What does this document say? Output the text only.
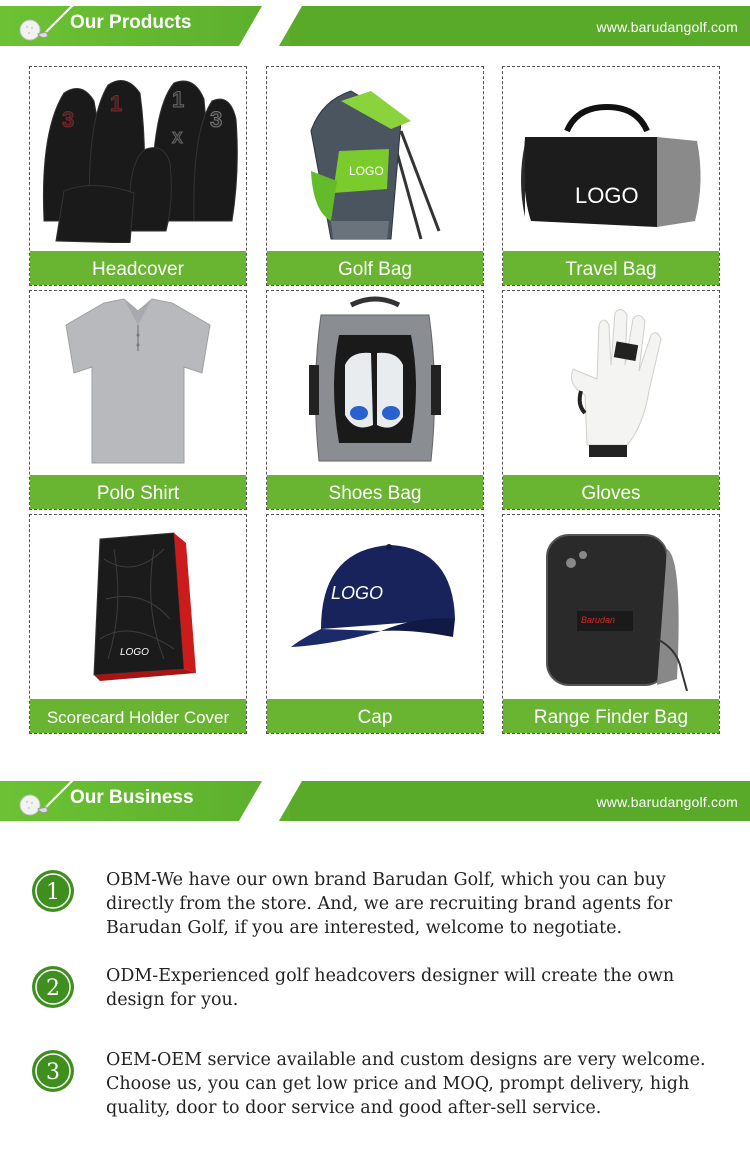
Our Products	www.barudangolf.com
3
1 1
3
X
Headcover
LOGO
Golf Bag
LOGO
Travel Bag
Polo Shirt	Shoes Bag	Gloves
LOGO
Scorecard Holder Cover
LOGO
Cap
Barudan
Range Finder Bag
Our Business	www.barudangolf.com
1	OBM-We have our own brand Barudan Golf, which you can buy directly from the store. And, we are recruiting brand agents for Barudan Golf, if you are interested, welcome to negotiate.
2	ODM-Experienced golf headcovers designer will create the own design for you.
3	OEM-OEM service available and custom designs are very welcome. Choose us, you can get low price and MOQ, prompt delivery, high quality, door to door service and good after-sell service.
